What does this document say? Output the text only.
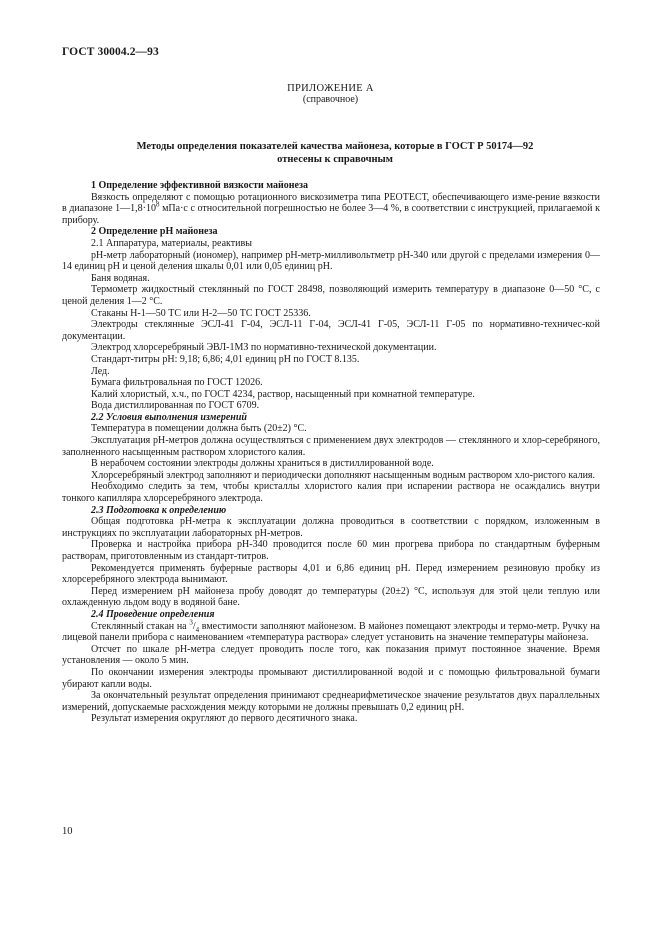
ГОСТ 30004.2—93
ПРИЛОЖЕНИЕ А
(справочное)
Методы определения показателей качества майонеза, которые в ГОСТ Р 50174—92
отнесены к справочным

1 Определение эффективной вязкости майонеза

Вязкость определяют с помощью ротационного вискозиметра типа РЕОТЕСТ, обеспечивающего изме-рение вязкости в диапазоне $1—1,8\cdot 10^8$ мПа·с с относительной погрешностью не более 3—4 %, в соответствии с инструкцией, прилагаемой к прибору.

2 Определение рН майонеза

2.1 Аппаратура, материалы, реактивы

рН-метр лабораторный (иономер), например рН-метр-милливольтметр рН-340 или другой с пределами измерения 0—14 единиц рН и ценой деления шкалы 0,01 или 0,05 единиц рН.

Баня водяная.

Термометр жидкостный стеклянный по ГОСТ 28498, позволяющий измерить температуру в диапазоне 0—50 °С, с ценой деления 1—2 °С.

Стаканы Н-1—50 ТС или Н-2—50 ТС ГОСТ 25336.

Электроды стеклянные ЭСЛ-41 Г-04, ЭСЛ-11 Г-04, ЭСЛ-41 Г-05, ЭСЛ-11 Г-05 по нормативно-техничес-кой документации.

Электрод хлорсеребряный ЭВЛ-1МЗ по нормативно-технической документации.

Стандарт-титры рН: 9,18; 6,86; 4,01 единиц рН по ГОСТ 8.135.

Лед.

Бумага фильтровальная по ГОСТ 12026.

Калий хлористый, х.ч., по ГОСТ 4234, раствор, насыщенный при комнатной температуре.

Вода дистиллированная по ГОСТ 6709.

2.2 Условия выполнения измерений

Температура в помещении должна быть (20±2) °С.

Эксплуатация рН-метров должна осуществляться с применением двух электродов — стеклянного и хлор-серебряного, заполненного насыщенным раствором хлористого калия.

В нерабочем состоянии электроды должны храниться в дистиллированной воде.

Хлорсеребряный электрод заполняют и периодически дополняют насыщенным водным раствором хло-ристого калия.

Необходимо следить за тем, чтобы кристаллы хлористого калия при испарении раствора не осаждались внутри тонкого капилляра хлорсеребряного электрода.

2.3 Подготовка к определению

Общая подготовка рН-метра к эксплуатации должна проводиться в соответствии с порядком, изложенным в инструкциях по эксплуатации лабораторных рН-метров.

Проверка и настройка прибора рН-340 проводится после 60 мин прогрева прибора по стандартным буферным растворам, приготовленным из стандарт-титров.

Рекомендуется применять буферные растворы 4,01 и 6,86 единиц рН. Перед измерением резиновую пробку из хлорсеребряного электрода вынимают.

Перед измерением рН майонеза пробу доводят до температуры (20±2) °С, используя для этой цели теплую или охлажденную льдом воду в водяной бане.

2.4 Проведение определения

Стеклянный стакан на $^3/_4$ вместимости заполняют майонезом. В майонез помещают электроды и термо-метр. Ручку на лицевой панели прибора с наименованием «температура раствора» следует установить на значение температуры майонеза.

Отсчет по шкале рН-метра следует проводить после того, как показания примут постоянное значение. Время установления — около 5 мин.

По окончании измерения электроды промывают дистиллированной водой и с помощью фильтровальной бумаги убирают капли воды.

За окончательный результат определения принимают среднеарифметическое значение результатов двух параллельных измерений, допускаемые расхождения между которыми не должны превышать 0,2 единиц рН.

Результат измерения округляют до первого десятичного знака.

10
